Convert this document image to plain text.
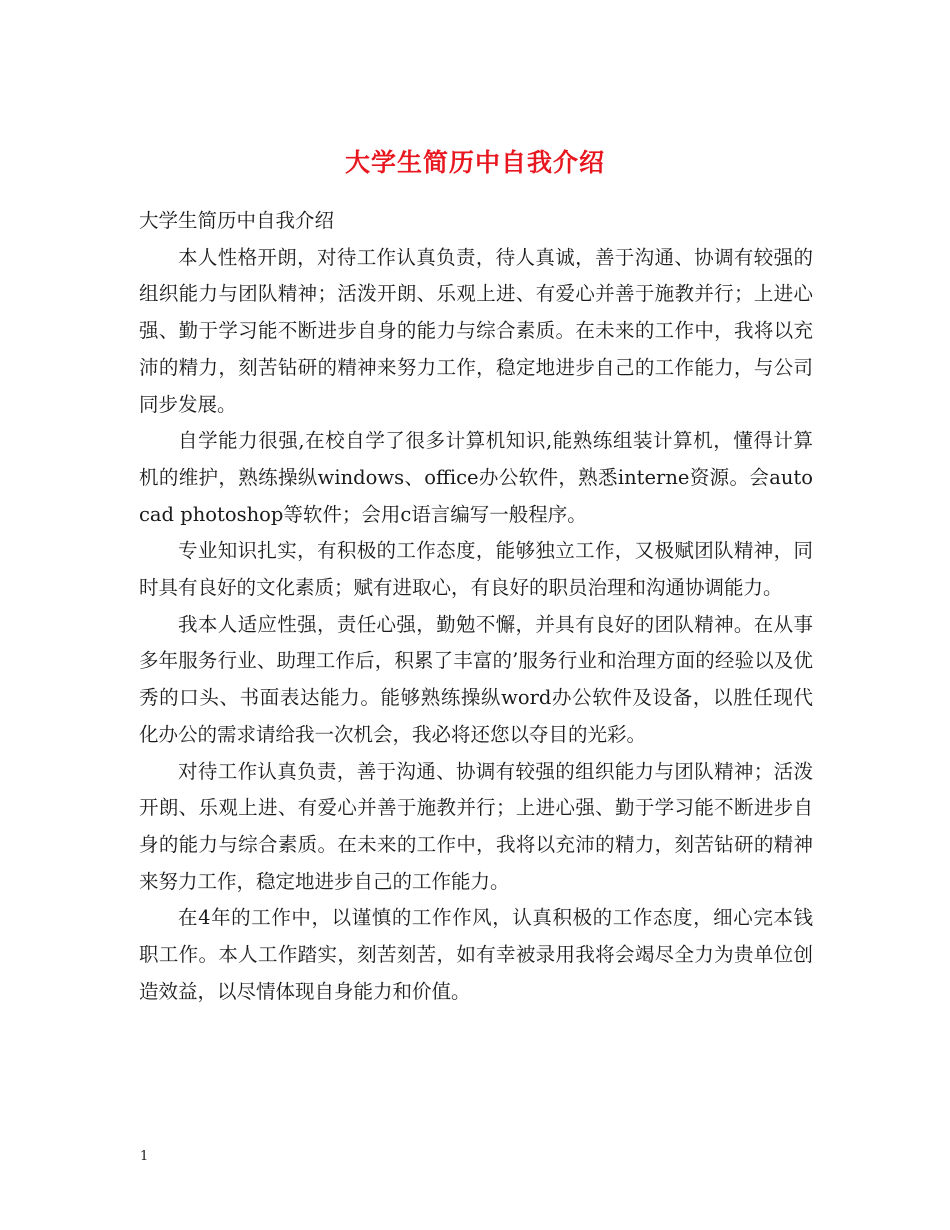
大学生简历中自我介绍

大学生简历中自我介绍

本人性格开朗，对待工作认真负责，待人真诚，善于沟通、协调有较强的组织能力与团队精神；活泼开朗、乐观上进、有爱心并善于施教并行；上进心强、勤于学习能不断进步自身的能力与综合素质。在未来的工作中，我将以充沛的精力，刻苦钻研的精神来努力工作，稳定地进步自己的工作能力，与公司同步发展。

自学能力很强,在校自学了很多计算机知识,能熟练组装计算机，懂得计算机的维护，熟练操纵windows、office办公软件，熟悉interne资源。会auto cad photoshop等软件；会用c语言编写一般程序。

专业知识扎实，有积极的工作态度，能够独立工作，又极赋团队精神，同时具有良好的文化素质；赋有进取心，有良好的职员治理和沟通协调能力。

我本人适应性强，责任心强，勤勉不懈，并具有良好的团队精神。在从事多年服务行业、助理工作后，积累了丰富的’服务行业和治理方面的经验以及优秀的口头、书面表达能力。能够熟练操纵word办公软件及设备，以胜任现代化办公的需求请给我一次机会，我必将还您以夺目的光彩。

对待工作认真负责，善于沟通、协调有较强的组织能力与团队精神；活泼开朗、乐观上进、有爱心并善于施教并行；上进心强、勤于学习能不断进步自身的能力与综合素质。在未来的工作中，我将以充沛的精力，刻苦钻研的精神来努力工作，稳定地进步自己的工作能力。

在4年的工作中，以谨慎的工作作风，认真积极的工作态度，细心完本钱职工作。本人工作踏实，刻苦刻苦，如有幸被录用我将会竭尽全力为贵单位创造效益，以尽情体现自身能力和价值。

1
